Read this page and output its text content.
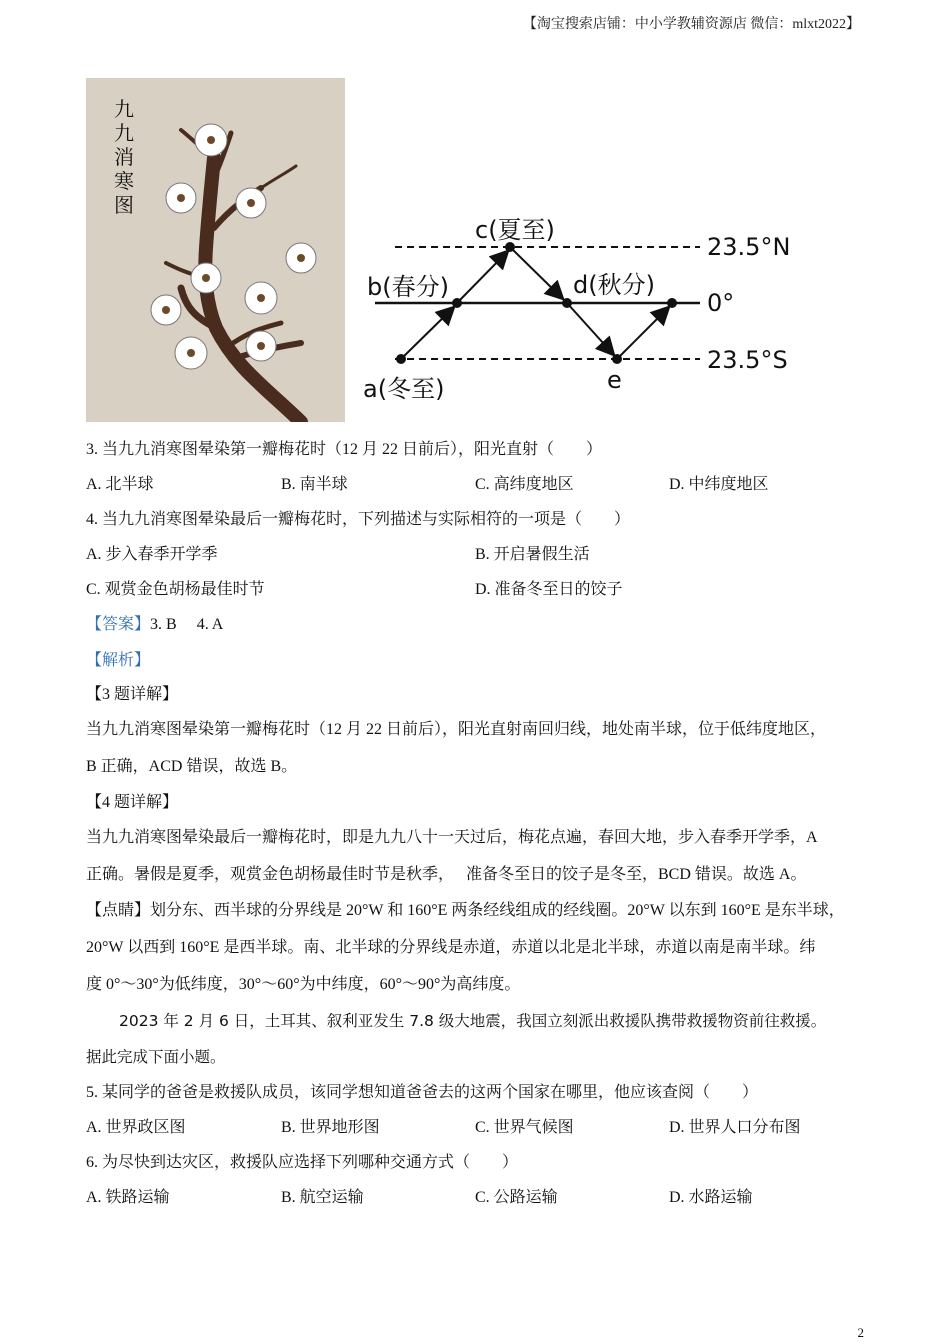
【淘宝搜索店铺：中小学教辅资源店 微信：mlxt2022】
九
九
消
寒
图
c(夏至)
b(春分)	d(秋分)
a(冬至)	e
23.5°N
0°
23.5°S
3. 当九九消寒图晕染第一瓣梅花时（12 月 22 日前后），阳光直射（　　）
A. 北半球	B. 南半球	C. 高纬度地区	D. 中纬度地区
4. 当九九消寒图晕染最后一瓣梅花时，下列描述与实际相符的一项是（　　）
A. 步入春季开学季	B. 开启暑假生活
C. 观赏金色胡杨最佳时节	D. 准备冬至日的饺子
【答案】3. B　 4. A
【解析】
【3 题详解】
当九九消寒图晕染第一瓣梅花时（12 月 22 日前后），阳光直射南回归线，地处南半球，位于低纬度地区，
B 正确，ACD 错误，故选 B。
【4 题详解】
当九九消寒图晕染最后一瓣梅花时，即是九九八十一天过后，梅花点遍，春回大地，步入春季开学季，A
正确。暑假是夏季，观赏金色胡杨最佳时节是秋季，　 准备冬至日的饺子是冬至，BCD 错误。故选 A。
【点睛】划分东、西半球的分界线是 20°W 和 160°E 两条经线组成的经线圈。20°W 以东到 160°E 是东半球，
20°W 以西到 160°E 是西半球。南、北半球的分界线是赤道，赤道以北是北半球，赤道以南是南半球。纬
度 0°～30°为低纬度，30°～60°为中纬度，60°～90°为高纬度。
2023 年 2 月 6 日，土耳其、叙利亚发生 7.8 级大地震，我国立刻派出救援队携带救援物资前往救援。
据此完成下面小题。
5. 某同学的爸爸是救援队成员，该同学想知道爸爸去的这两个国家在哪里，他应该查阅（　　）
A. 世界政区图	B. 世界地形图	C. 世界气候图	D. 世界人口分布图
6. 为尽快到达灾区，救援队应选择下列哪种交通方式（　　）
A. 铁路运输	B. 航空运输	C. 公路运输	D. 水路运输
2
